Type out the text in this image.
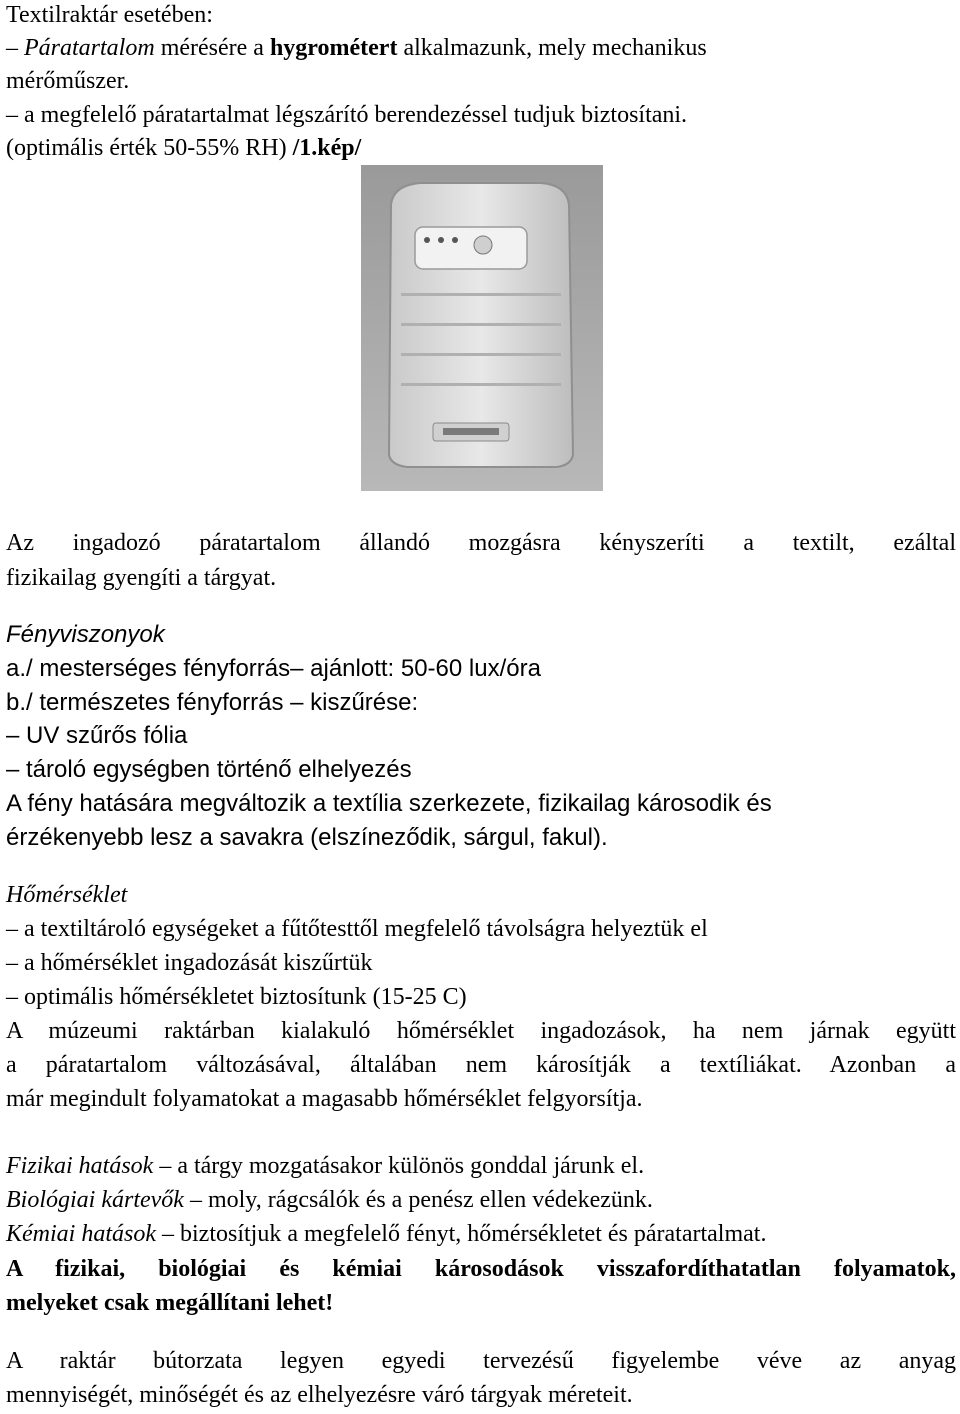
Textilraktár esetében:
– Páratartalom mérésére a hygrométert alkalmazunk, mely mechanikus
mérőműszer.
– a megfelelő páratartalmat légszárító berendezéssel tudjuk biztosítani.
(optimális érték 50-55% RH) /1.kép/
Az ingadozó páratartalom állandó mozgásra kényszeríti a textilt, ezáltal
fizikailag gyengíti a tárgyat.
Fényviszonyok
a./ mesterséges fényforrás– ajánlott: 50-60 lux/óra
b./ természetes fényforrás – kiszűrése:
– UV szűrős fólia
– tároló egységben történő elhelyezés
A fény hatására megváltozik a textília szerkezete, fizikailag károsodik és
érzékenyebb lesz a savakra (elszíneződik, sárgul, fakul).
Hőmérséklet
– a textiltároló egységeket a fűtőtesttől megfelelő távolságra helyeztük el
– a hőmérséklet ingadozását kiszűrtük
– optimális hőmérsékletet biztosítunk (15-25 C)
A múzeumi raktárban kialakuló hőmérséklet ingadozások, ha nem járnak együtt
a páratartalom változásával, általában nem károsítják a textíliákat. Azonban a
már megindult folyamatokat a magasabb hőmérséklet felgyorsítja.
Fizikai hatások – a tárgy mozgatásakor különös gonddal járunk el.
Biológiai kártevők – moly, rágcsálók és a penész ellen védekezünk.
Kémiai hatások – biztosítjuk a megfelelő fényt, hőmérsékletet és páratartalmat.
A fizikai, biológiai és kémiai károsodások visszafordíthatatlan folyamatok,
melyeket csak megállítani lehet!
A raktár bútorzata legyen egyedi tervezésű figyelembe véve az anyag
mennyiségét, minőségét és az elhelyezésre váró tárgyak méreteit.
